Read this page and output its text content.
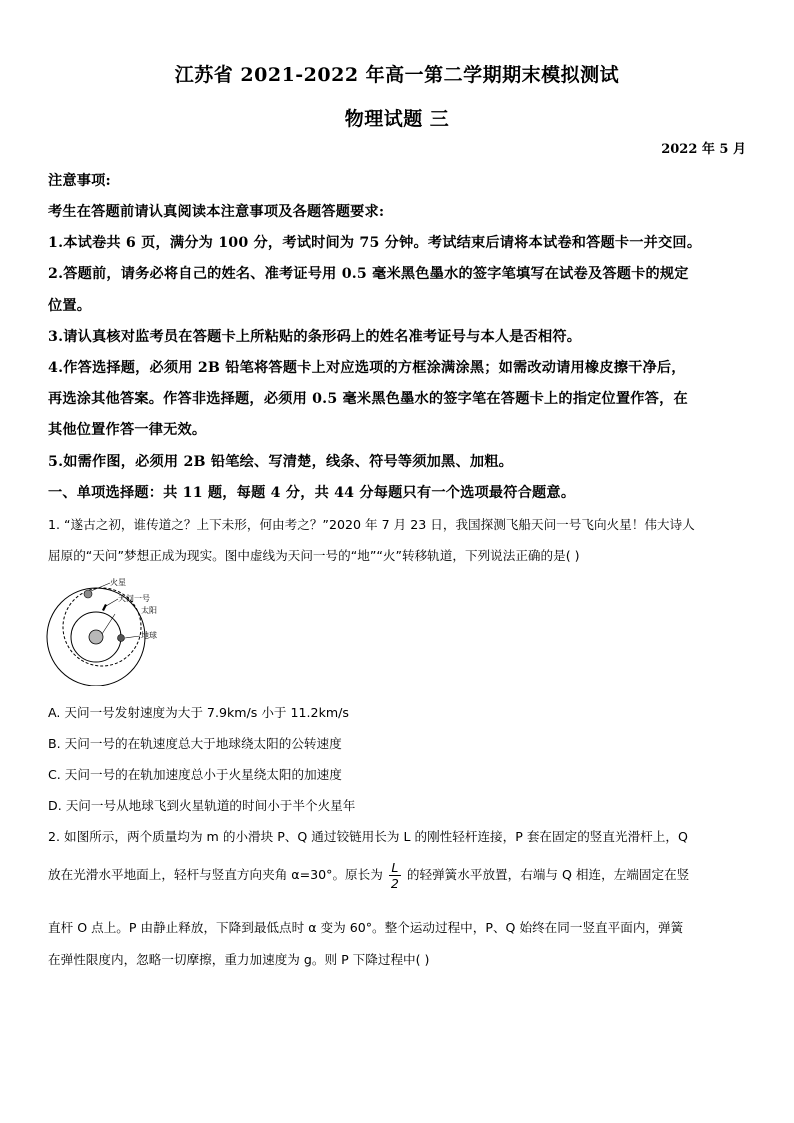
江苏省 2021-2022 年高一第二学期期末模拟测试
物理试题 三
2022 年 5 月
注意事项:
考生在答题前请认真阅读本注意事项及各题答题要求:
1.本试卷共 6 页，满分为 100 分，考试时间为 75 分钟。考试结束后请将本试卷和答题卡一并交回。
2.答题前，请务必将自己的姓名、准考证号用 0.5 毫米黑色墨水的签字笔填写在试卷及答题卡的规定
位置。
3.请认真核对监考员在答题卡上所粘贴的条形码上的姓名准考证号与本人是否相符。
4.作答选择题，必须用 2B 铅笔将答题卡上对应选项的方框涂满涂黑；如需改动请用橡皮擦干净后，
再选涂其他答案。作答非选择题，必须用 0.5 毫米黑色墨水的签字笔在答题卡上的指定位置作答，在
其他位置作答一律无效。
5.如需作图，必须用 2B 铅笔绘、写清楚，线条、符号等须加黑、加粗。
一、单项选择题：共 11 题，每题 4 分，共 44 分每题只有一个选项最符合题意。
1. “遂古之初，谁传道之？上下未形，何由考之？”2020 年 7 月 23 日，我国探测飞船天问一号飞向火星！伟大诗人
屈原的“天问”梦想正成为现实。图中虚线为天问一号的“地”“火”转移轨道，下列说法正确的是( )
火星
天问一号
太阳
地球
A. 天问一号发射速度为大于 7.9km/s 小于 11.2km/s
B. 天问一号的在轨速度总大于地球绕太阳的公转速度
C. 天问一号的在轨加速度总小于火星绕太阳的加速度
D. 天问一号从地球飞到火星轨道的时间小于半个火星年
2. 如图所示，两个质量均为 m 的小滑块 P、Q 通过铰链用长为 L 的刚性轻杆连接，P 套在固定的竖直光滑杆上，Q
放在光滑水平地面上，轻杆与竖直方向夹角 α=30°。原长为 $\frac{L}{2}$ 的轻弹簧水平放置，右端与 Q 相连，左端固定在竖
直杆 O 点上。P 由静止释放，下降到最低点时 α 变为 60°。整个运动过程中，P、Q 始终在同一竖直平面内，弹簧
在弹性限度内，忽略一切摩擦，重力加速度为 g。则 P 下降过程中( )
